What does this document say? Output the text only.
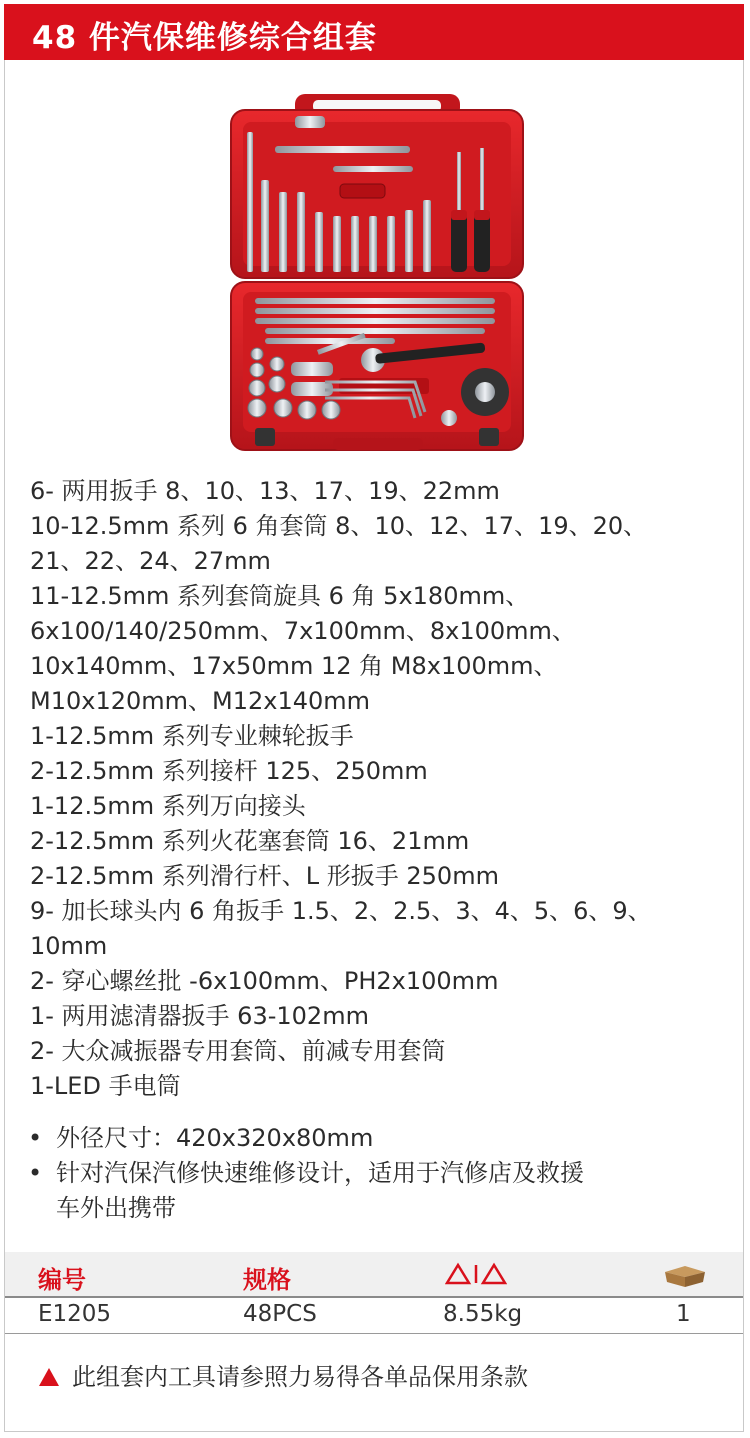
48 件汽保维修综合组套
6- 两用扳手 8、10、13、17、19、22mm
10-12.5mm 系列 6 角套筒 8、10、12、17、19、20、
21、22、24、27mm
11-12.5mm 系列套筒旋具 6 角 5x180mm、
6x100/140/250mm、7x100mm、8x100mm、
10x140mm、17x50mm 12 角 M8x100mm、
M10x120mm、M12x140mm
1-12.5mm 系列专业棘轮扳手
2-12.5mm 系列接杆 125、250mm
1-12.5mm 系列万向接头
2-12.5mm 系列火花塞套筒 16、21mm
2-12.5mm 系列滑行杆、L 形扳手 250mm
9- 加长球头内 6 角扳手 1.5、2、2.5、3、4、5、6、9、
10mm
2- 穿心螺丝批 -6x100mm、PH2x100mm
1- 两用滤清器扳手 63-102mm
2- 大众减振器专用套筒、前减专用套筒
1-LED 手电筒
• 外径尺寸：420x320x80mm
• 针对汽保汽修快速维修设计，适用于汽修店及救援
车外出携带
编号	规格
E1205	48PCS	8.55kg	1
此组套内工具请参照力易得各单品保用条款
